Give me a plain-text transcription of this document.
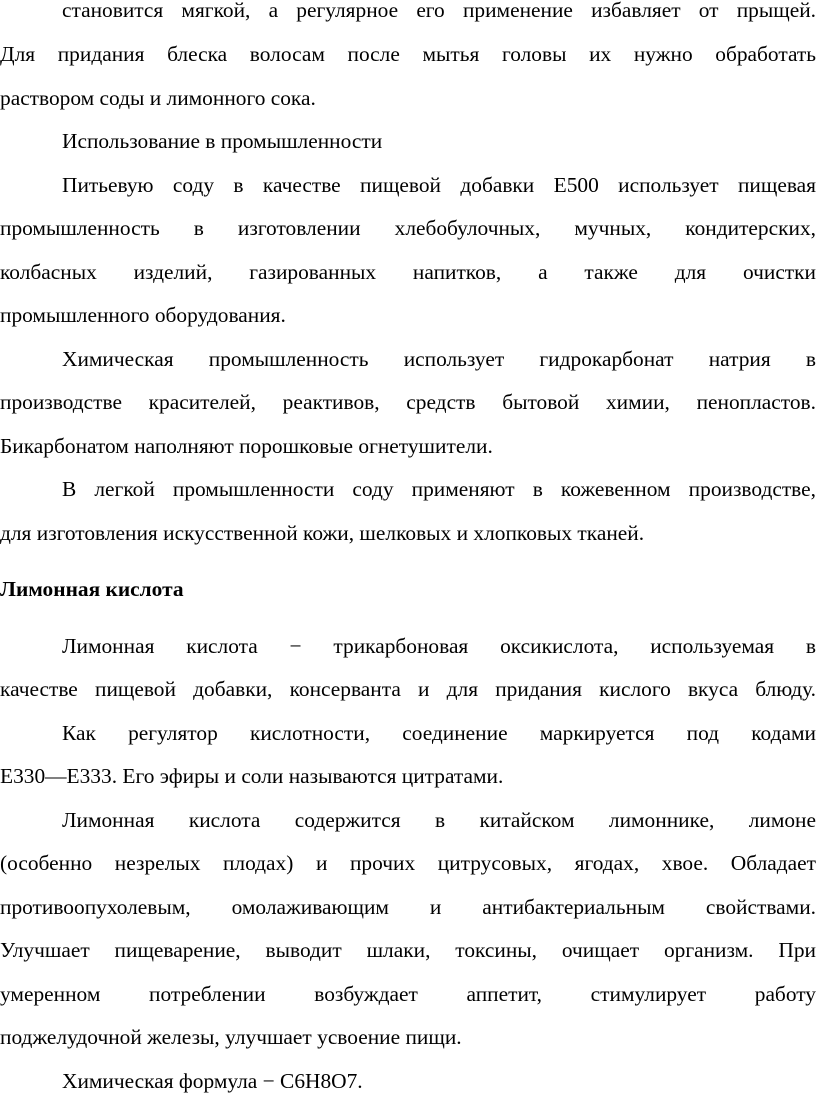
становится мягкой, а регулярное его применение избавляет от прыщей.
Для придания блеска волосам после мытья головы их нужно обработать
раствором соды и лимонного сока.
Использование в промышленности
Питьевую соду в качестве пищевой добавки Е500 использует пищевая
промышленность в изготовлении хлебобулочных, мучных, кондитерских,
колбасных изделий, газированных напитков, а также для очистки
промышленного оборудования.
Химическая промышленность использует гидрокарбонат натрия в
производстве красителей, реактивов, средств бытовой химии, пенопластов.
Бикарбонатом наполняют порошковые огнетушители.
В легкой промышленности соду применяют в кожевенном производстве,
для изготовления искусственной кожи, шелковых и хлопковых тканей.
Лимонная кислота
Лимонная кислота − трикарбоновая оксикислота, используемая в
качестве пищевой добавки, консерванта и для придания кислого вкуса блюду.
Как регулятор кислотности, соединение маркируется под кодами
E330—E333. Его эфиры и соли называются цитратами.
Лимонная кислота содержится в китайском лимоннике, лимоне
(особенно незрелых плодах) и прочих цитрусовых, ягодах, хвое. Обладает
противоопухолевым, омолаживающим и антибактериальным свойствами.
Улучшает пищеварение, выводит шлаки, токсины, очищает организм. При
умеренном потреблении возбуждает аппетит, стимулирует работу
поджелудочной железы, улучшает усвоение пищи.
Химическая формула − C6H8O7.
